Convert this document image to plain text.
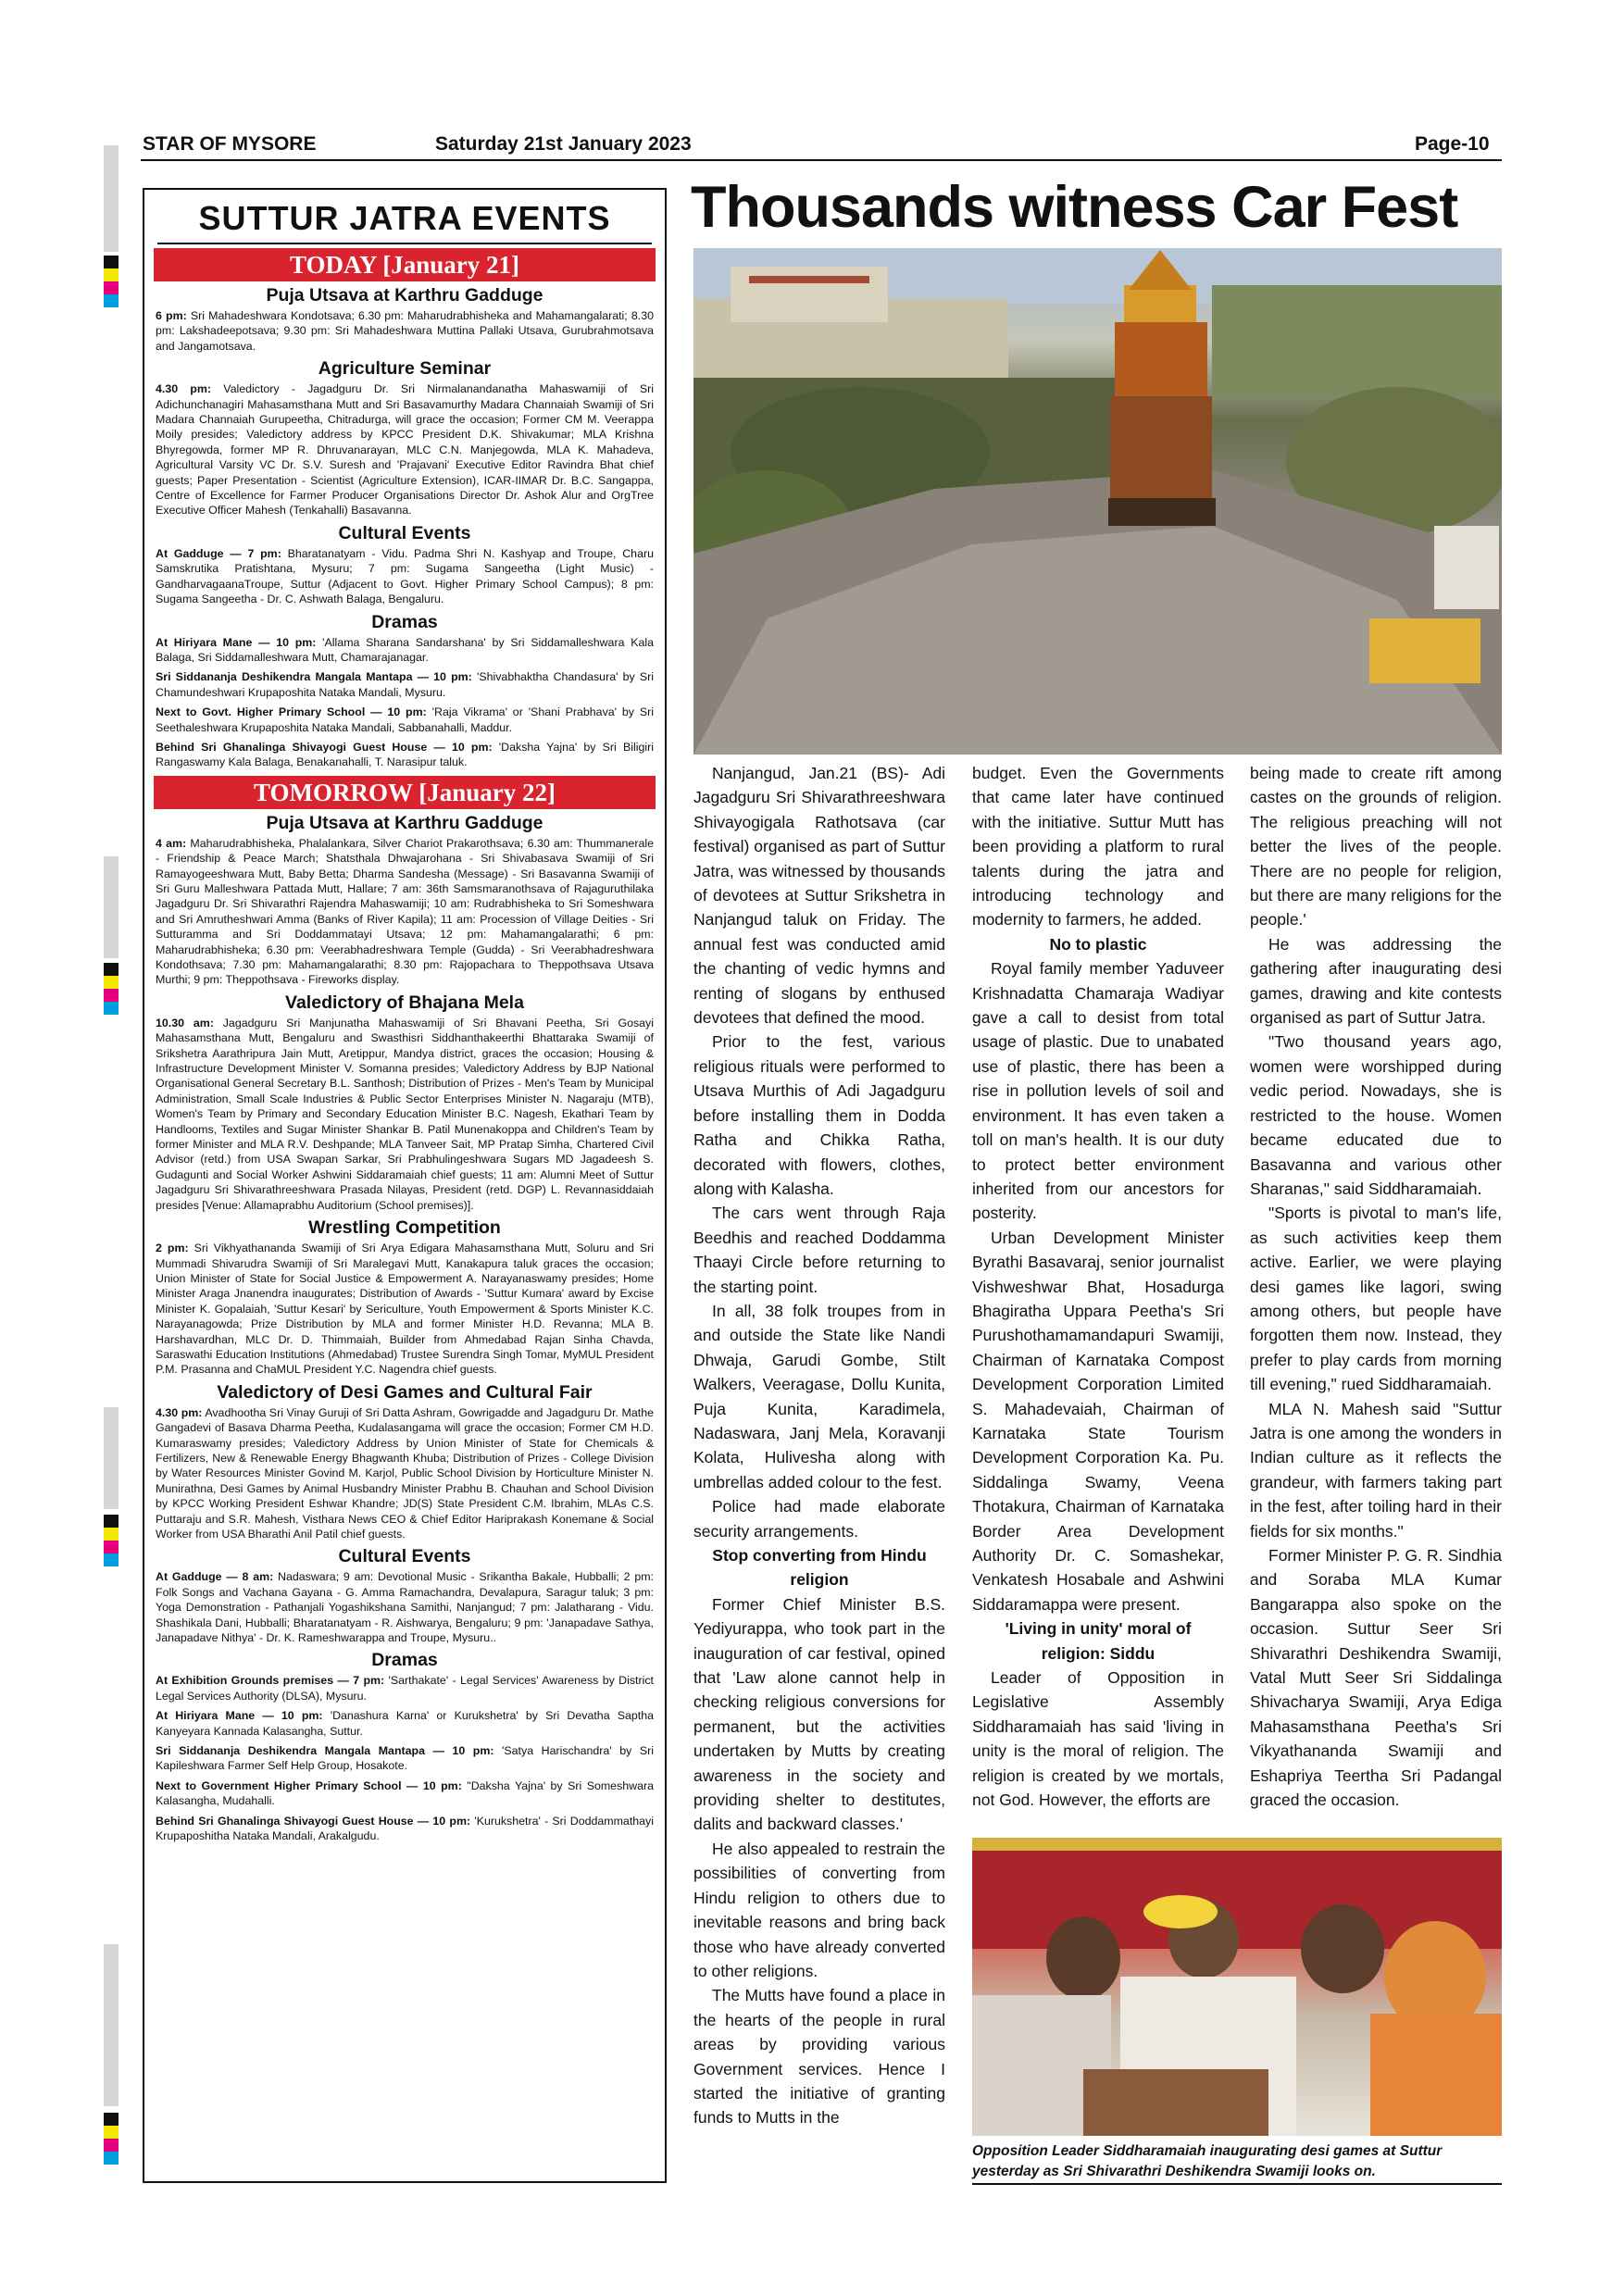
STAR OF MYSORE	Saturday 21st January 2023	Page-10
SUTTUR JATRA EVENTS
TODAY [January 21]
Puja Utsava at Karthru Gadduge
6 pm: Sri Mahadeshwara Kondotsava; 6.30 pm: Maharudrabhisheka and Mahamangalarati; 8.30 pm: Lakshadeepotsava; 9.30 pm: Sri Mahadeshwara Muttina Pallaki Utsava, Gurubrahmotsava and Jangamotsava.
Agriculture Seminar
4.30 pm: Valedictory - Jagadguru Dr. Sri Nirmalanandanatha Mahaswamiji of Sri Adichunchanagiri Mahasamsthana Mutt and Sri Basavamurthy Madara Channaiah Swamiji of Sri Madara Channaiah Gurupeetha, Chitradurga, will grace the occasion; Former CM M. Veerappa Moily presides; Valedictory address by KPCC President D.K. Shivakumar; MLA Krishna Bhyregowda, former MP R. Dhruvanarayan, MLC C.N. Manjegowda, MLA K. Mahadeva, Agricultural Varsity VC Dr. S.V. Suresh and 'Prajavani' Executive Editor Ravindra Bhat chief guests; Paper Presentation - Scientist (Agriculture Extension), ICAR-IIMAR Dr. B.C. Sangappa, Centre of Excellence for Farmer Producer Organisations Director Dr. Ashok Alur and OrgTree Executive Officer Mahesh (Tenkahalli) Basavanna.
Cultural Events
At Gadduge — 7 pm: Bharatanatyam - Vidu. Padma Shri N. Kashyap and Troupe, Charu Samskrutika Pratishtana, Mysuru; 7 pm: Sugama Sangeetha (Light Music) - GandharvagaanaTroupe, Suttur (Adjacent to Govt. Higher Primary School Campus); 8 pm: Sugama Sangeetha - Dr. C. Ashwath Balaga, Bengaluru.
Dramas
At Hiriyara Mane — 10 pm: 'Allama Sharana Sandarshana' by Sri Siddamalleshwara Kala Balaga, Sri Siddamalleshwara Mutt, Chamarajanagar.
Sri Siddananja Deshikendra Mangala Mantapa — 10 pm: 'Shivabhaktha Chandasura' by Sri Chamundeshwari Krupaposhita Nataka Mandali, Mysuru.
Next to Govt. Higher Primary School — 10 pm: 'Raja Vikrama' or 'Shani Prabhava' by Sri Seethaleshwara Krupaposhita Nataka Mandali, Sabbanahalli, Maddur.
Behind Sri Ghanalinga Shivayogi Guest House — 10 pm: 'Daksha Yajna' by Sri Biligiri Rangaswamy Kala Balaga, Benakanahalli, T. Narasipur taluk.
TOMORROW [January 22]
Puja Utsava at Karthru Gadduge
4 am: Maharudrabhisheka, Phalalankara, Silver Chariot Prakarothsava; 6.30 am: Thummanerale - Friendship & Peace March; Shatsthala Dhwajarohana - Sri Shivabasava Swamiji of Sri Ramayogeeshwara Mutt, Baby Betta; Dharma Sandesha (Message) - Sri Basavanna Swamiji of Sri Guru Malleshwara Pattada Mutt, Hallare; 7 am: 36th Samsmaranothsava of Rajaguruthilaka Jagadguru Dr. Sri Shivarathri Rajendra Mahaswamiji; 10 am: Rudrabhisheka to Sri Someshwara and Sri Amrutheshwari Amma (Banks of River Kapila); 11 am: Procession of Village Deities - Sri Sutturamma and Sri Doddammatayi Utsava; 12 pm: Mahamangalarathi; 6 pm: Maharudrabhisheka; 6.30 pm: Veerabhadreshwara Temple (Gudda) - Sri Veerabhadreshwara Kondothsava; 7.30 pm: Mahamangalarathi; 8.30 pm: Rajopachara to Theppothsava Utsava Murthi; 9 pm: Theppothsava - Fireworks display.
Valedictory of Bhajana Mela
10.30 am: Jagadguru Sri Manjunatha Mahaswamiji of Sri Bhavani Peetha, Sri Gosayi Mahasamsthana Mutt, Bengaluru and Swasthisri Siddhanthakeerthi Bhattaraka Swamiji of Srikshetra Aarathripura Jain Mutt, Aretippur, Mandya district, graces the occasion; Housing & Infrastructure Development Minister V. Somanna presides; Valedictory Address by BJP National Organisational General Secretary B.L. Santhosh; Distribution of Prizes - Men's Team by Municipal Administration, Small Scale Industries & Public Sector Enterprises Minister N. Nagaraju (MTB), Women's Team by Primary and Secondary Education Minister B.C. Nagesh, Ekathari Team by Handlooms, Textiles and Sugar Minister Shankar B. Patil Munenakoppa and Children's Team by former Minister and MLA R.V. Deshpande; MLA Tanveer Sait, MP Pratap Simha, Chartered Civil Advisor (retd.) from USA Swapan Sarkar, Sri Prabhulingeshwara Sugars MD Jagadeesh S. Gudagunti and Social Worker Ashwini Siddaramaiah chief guests; 11 am: Alumni Meet of Suttur Jagadguru Sri Shivarathreeshwara Prasada Nilayas, President (retd. DGP) L. Revannasiddaiah presides [Venue: Allamaprabhu Auditorium (School premises)].
Wrestling Competition
2 pm: Sri Vikhyathananda Swamiji of Sri Arya Edigara Mahasamsthana Mutt, Soluru and Sri Mummadi Shivarudra Swamiji of Sri Maralegavi Mutt, Kanakapura taluk graces the occasion; Union Minister of State for Social Justice & Empowerment A. Narayanaswamy presides; Home Minister Araga Jnanendra inaugurates; Distribution of Awards - 'Suttur Kumara' award by Excise Minister K. Gopalaiah, 'Suttur Kesari' by Sericulture, Youth Empowerment & Sports Minister K.C. Narayanagowda; Prize Distribution by MLA and former Minister H.D. Revanna; MLA B. Harshavardhan, MLC Dr. D. Thimmaiah, Builder from Ahmedabad Rajan Sinha Chavda, Saraswathi Education Institutions (Ahmedabad) Trustee Surendra Singh Tomar, MyMUL President P.M. Prasanna and ChaMUL President Y.C. Nagendra chief guests.
Valedictory of Desi Games and Cultural Fair
4.30 pm: Avadhootha Sri Vinay Guruji of Sri Datta Ashram, Gowrigadde and Jagadguru Dr. Mathe Gangadevi of Basava Dharma Peetha, Kudalasangama will grace the occasion; Former CM H.D. Kumaraswamy presides; Valedictory Address by Union Minister of State for Chemicals & Fertilizers, New & Renewable Energy Bhagwanth Khuba; Distribution of Prizes - College Division by Water Resources Minister Govind M. Karjol, Public School Division by Horticulture Minister N. Munirathna, Desi Games by Animal Husbandry Minister Prabhu B. Chauhan and School Division by KPCC Working President Eshwar Khandre; JD(S) State President C.M. Ibrahim, MLAs C.S. Puttaraju and S.R. Mahesh, Visthara News CEO & Chief Editor Hariprakash Konemane & Social Worker from USA Bharathi Anil Patil chief guests.
Cultural Events
At Gadduge — 8 am: Nadaswara; 9 am: Devotional Music - Srikantha Bakale, Hubballi; 2 pm: Folk Songs and Vachana Gayana - G. Amma Ramachandra, Devalapura, Saragur taluk; 3 pm: Yoga Demonstration - Pathanjali Yogashikshana Samithi, Nanjangud; 7 pm: Jalatharang - Vidu. Shashikala Dani, Hubballi; Bharatanatyam - R. Aishwarya, Bengaluru; 9 pm: 'Janapadave Sathya, Janapadave Nithya' - Dr. K. Rameshwarappa and Troupe, Mysuru..
Dramas
At Exhibition Grounds premises — 7 pm: 'Sarthakate' - Legal Services' Awareness by District Legal Services Authority (DLSA), Mysuru.
At Hiriyara Mane — 10 pm: 'Danashura Karna' or Kurukshetra' by Sri Devatha Saptha Kanyeyara Kannada Kalasangha, Suttur.
Sri Siddananja Deshikendra Mangala Mantapa — 10 pm: 'Satya Harischandra' by Sri Kapileshwara Farmer Self Help Group, Hosakote.
Next to Government Higher Primary School — 10 pm: "Daksha Yajna' by Sri Someshwara Kalasangha, Mudahalli.
Behind Sri Ghanalinga Shivayogi Guest House — 10 pm: 'Kurukshetra' - Sri Doddammathayi Krupaposhitha Nataka Mandali, Arakalgudu.
Thousands witness Car Fest

Nanjangud, Jan.21 (BS)- Adi Jagadguru Sri Shivarathreeshwara Shivayogigala Rathotsava (car festival) organised as part of Suttur Jatra, was witnessed by thousands of devotees at Suttur Srikshetra in Nanjangud taluk on Friday. The annual fest was conducted amid the chanting of vedic hymns and renting of slogans by enthused devotees that defined the mood.

Prior to the fest, various religious rituals were performed to Utsava Murthis of Adi Jagadguru before installing them in Dodda Ratha and Chikka Ratha, decorated with flowers, clothes, along with Kalasha.

The cars went through Raja Beedhis and reached Doddamma Thaayi Circle before returning to the starting point.

In all, 38 folk troupes from in and outside the State like Nandi Dhwaja, Garudi Gombe, Stilt Walkers, Veeragase, Dollu Kunita, Puja Kunita, Karadimela, Nadaswara, Janj Mela, Koravanji Kolata, Hulivesha along with umbrellas added colour to the fest.

Police had made elaborate security arrangements.

Stop converting from Hindu religion

Former Chief Minister B.S. Yediyurappa, who took part in the inauguration of car festival, opined that 'Law alone cannot help in checking religious conversions for permanent, but the activities undertaken by Mutts by creating awareness in the society and providing shelter to destitutes, dalits and backward classes.'

He also appealed to restrain the possibilities of converting from Hindu religion to others due to inevitable reasons and bring back those who have already converted to other religions.

The Mutts have found a place in the hearts of the people in rural areas by providing various Government services. Hence I started the initiative of granting funds to Mutts in the

budget. Even the Governments that came later have continued with the initiative. Suttur Mutt has been providing a platform to rural talents during the jatra and introducing technology and modernity to farmers, he added.

No to plastic

Royal family member Yaduveer Krishnadatta Chamaraja Wadiyar gave a call to desist from total usage of plastic. Due to unabated use of plastic, there has been a rise in pollution levels of soil and environment. It has even taken a toll on man's health. It is our duty to protect better environment inherited from our ancestors for posterity.

Urban Development Minister Byrathi Basavaraj, senior journalist Vishweshwar Bhat, Hosadurga Bhagiratha Uppara Peetha's Sri Purushothamamandapuri Swamiji, Chairman of Karnataka Compost Development Corporation Limited S. Mahadevaiah, Chairman of Karnataka State Tourism Development Corporation Ka. Pu. Siddalinga Swamy, Veena Thotakura, Chairman of Karnataka Border Area Development Authority Dr. C. Somashekar, Venkatesh Hosabale and Ashwini Siddaramappa were present.

'Living in unity' moral of religion: Siddu

Leader of Opposition in Legislative Assembly Siddharamaiah has said 'living in unity is the moral of religion. The religion is created by we mortals, not God. However, the efforts are

being made to create rift among castes on the grounds of religion. The religious preaching will not better the lives of the people. There are no people for religion, but there are many religions for the people.'

He was addressing the gathering after inaugurating desi games, drawing and kite contests organised as part of Suttur Jatra.

"Two thousand years ago, women were worshipped during vedic period. Nowadays, she is restricted to the house. Women became educated due to Basavanna and various other Sharanas," said Siddharamaiah.

"Sports is pivotal to man's life, as such activities keep them active. Earlier, we were playing desi games like lagori, swing among others, but people have forgotten them now. Instead, they prefer to play cards from morning till evening," rued Siddharamaiah.

MLA N. Mahesh said "Suttur Jatra is one among the wonders in Indian culture as it reflects the grandeur, with farmers taking part in the fest, after toiling hard in their fields for six months."

Former Minister P. G. R. Sindhia and Soraba MLA Kumar Bangarappa also spoke on the occasion. Suttur Seer Sri Shivarathri Deshikendra Swamiji, Vatal Mutt Seer Sri Siddalinga Shivacharya Swamiji, Arya Ediga Mahasamsthana Peetha's Sri Vikyathananda Swamiji and Eshapriya Teertha Sri Padangal graced the occasion.

Opposition Leader Siddharamaiah inaugurating desi games at Suttur yesterday as Sri Shivarathri Deshikendra Swamiji looks on.
